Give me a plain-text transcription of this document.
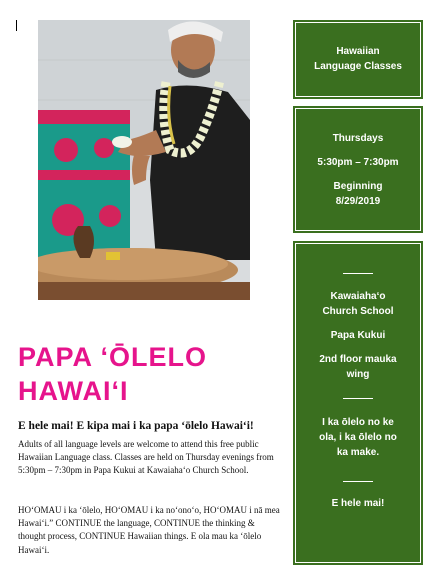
PAPA ʻŌLELO
HAWAIʻI
E hele mai! E kipa mai i ka papa ʻōlelo Hawaiʻi!

Adults of all language levels are welcome to attend this free public Hawaiian Language class. Classes are held on Thursday evenings from 5:30pm – 7:30pm in Papa Kukui at Kawaiahaʻo Church School.

HOʻOMAU i ka ʻōlelo, HOʻOMAU i ka noʻonoʻo, HOʻOMAU i nā mea Hawaiʻi.” CONTINUE the language, CONTINUE the thinking & thought process, CONTINUE Hawaiian things. E ola mau ka ʻōlelo Hawaiʻi.

Hawaiian
Language Classes
Thursdays
5:30pm – 7:30pm
Beginning
8/29/2019
Kawaiahaʻo
Church School
Papa Kukui
2nd floor mauka
wing
I ka ōlelo no ke
ola, i ka ōlelo no
ka make.
E hele mai!
